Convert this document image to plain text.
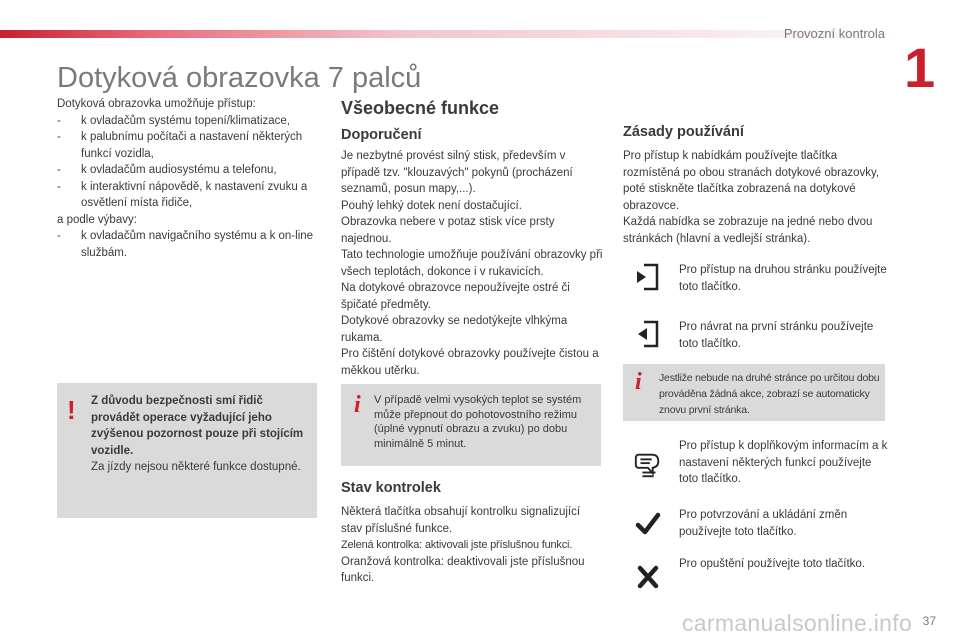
Provozní kontrola
1
Dotyková obrazovka 7 palců
Dotyková obrazovka umožňuje přístup:
-	k ovladačům systému topení/klimatizace,
-	k palubnímu počítači a nastavení některých funkcí vozidla,
-	k ovladačům audiosystému a telefonu,
-	k interaktivní nápovědě, k nastavení zvuku a osvětlení místa řidiče,
a podle výbavy:
-	k ovladačům navigačního systému a k on-line službám.
! Z důvodu bezpečnosti smí řidič provádět operace vyžadující jeho zvýšenou pozornost pouze při stojícím vozidle.
Za jízdy nejsou některé funkce dostupné.
Všeobecné funkce
Doporučení
Je nezbytné provést silný stisk, především v případě tzv. "klouzavých" pokynů (procházení seznamů, posun mapy,...).
Pouhý lehký dotek není dostačující.
Obrazovka nebere v potaz stisk více prsty najednou.
Tato technologie umožňuje používání obrazovky při všech teplotách, dokonce i v rukavicích.
Na dotykové obrazovce nepoužívejte ostré či špičaté předměty.
Dotykové obrazovky se nedotýkejte vlhkýma rukama.
Pro čištění dotykové obrazovky používejte čistou a měkkou utěrku.
i V případě velmi vysokých teplot se systém může přepnout do pohotovostního režimu (úplné vypnutí obrazu a zvuku) po dobu minimálně 5 minut.
Stav kontrolek
Některá tlačítka obsahují kontrolku signalizující stav příslušné funkce.
Zelená kontrolka: aktivovali jste příslušnou funkci.
Oranžová kontrolka: deaktivovali jste příslušnou funkci.
Zásady používání
Pro přístup k nabídkám používejte tlačítka rozmístěná po obou stranách dotykové obrazovky, poté stiskněte tlačítka zobrazená na dotykové obrazovce.
Každá nabídka se zobrazuje na jedné nebo dvou stránkách (hlavní a vedlejší stránka).
Pro přístup na druhou stránku používejte toto tlačítko.
Pro návrat na první stránku používejte toto tlačítko.
i Jestliže nebude na druhé stránce po určitou dobu prováděna žádná akce, zobrazí se automaticky znovu první stránka.
Pro přístup k doplňkovým informacím a k nastavení některých funkcí používejte toto tlačítko.
Pro potvrzování a ukládání změn používejte toto tlačítko.
Pro opuštění používejte toto tlačítko.
37
carmanualsonline.info
